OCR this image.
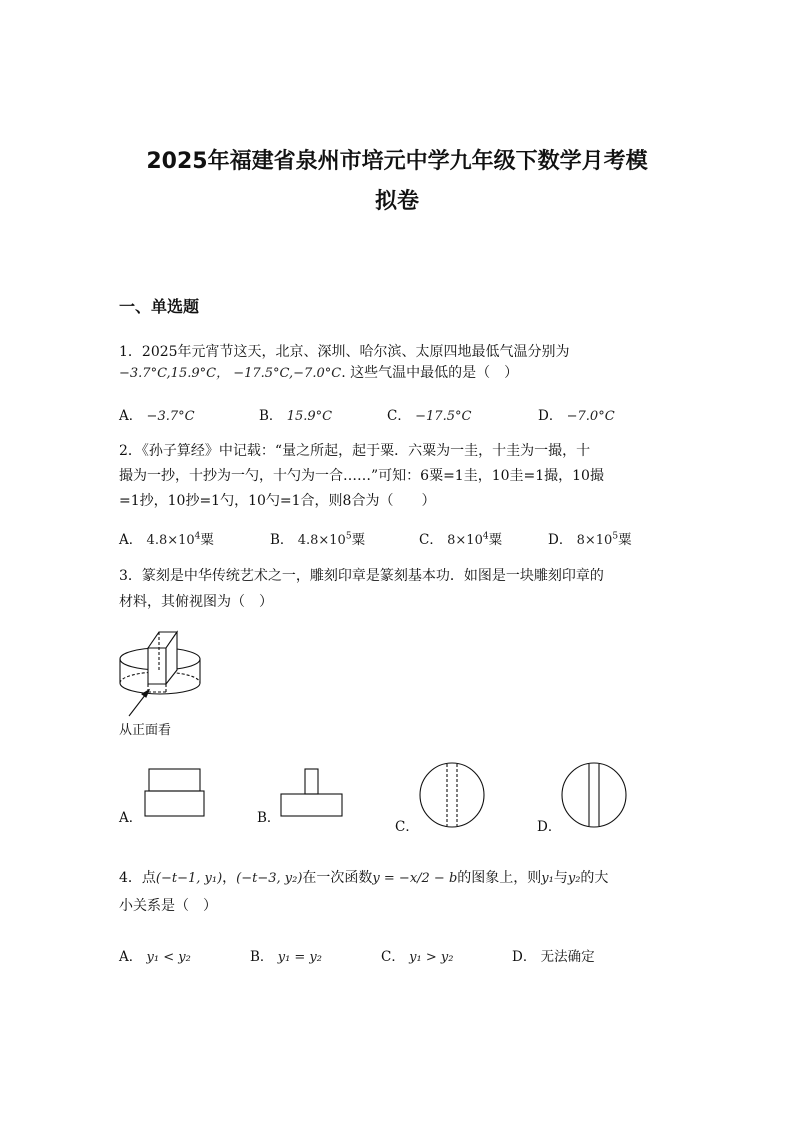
2025年福建省泉州市培元中学九年级下数学月考模
拟卷
一、单选题
1．2025年元宵节这天，北京、深圳、哈尔滨、太原四地最低气温分别为
−3.7°C,15.9°C， −17.5°C,−7.0°C. 这些气温中最低的是（　）
A． −3.7°C	B． 15.9°C	C． −17.5°C	D． −7.0°C
2．《孙子算经》中记载：“量之所起，起于粟．六粟为一圭，十圭为一撮，十
撮为一抄，十抄为一勺，十勺为一合……”可知：6粟=1圭，10圭=1撮，10撮
=1抄，10抄=1勺，10勺=1合，则8合为（　　）
A． $4.8\times 10^4$粟	B． $4.8\times 10^5$粟	C． $8\times 10^4$粟	D． $8\times 10^5$粟
3．篆刻是中华传统艺术之一，雕刻印章是篆刻基本功．如图是一块雕刻印章的
材料，其俯视图为（　）
从正面看
A．	B．
C．	D．
4．点(−t−1, y₁)，(−t−3, y₂)在一次函数y = −x/2 − b的图象上，则y₁与y₂的大
小关系是（　）
A． y₁ < y₂	B． y₁ = y₂	C． y₁ > y₂	D． 无法确定
